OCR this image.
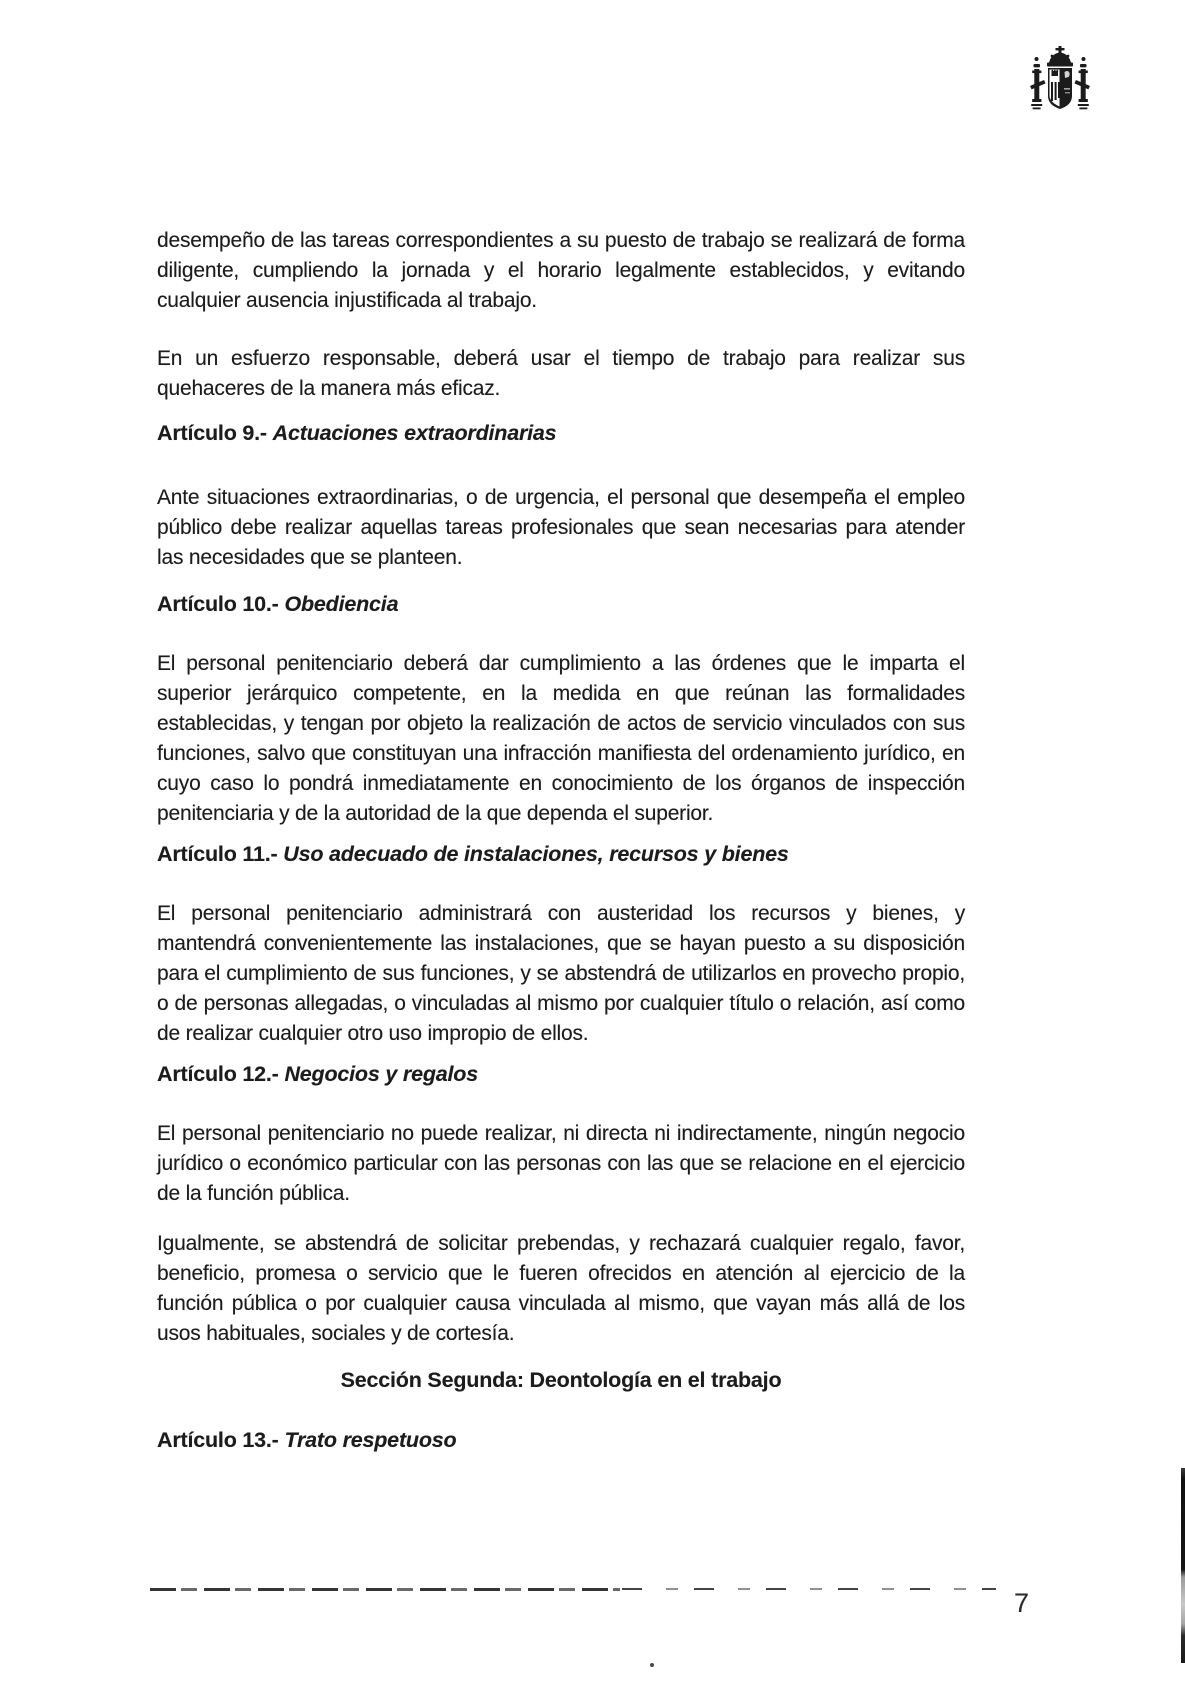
desempeño de las tareas correspondientes a su puesto de trabajo se realizará de forma diligente, cumpliendo la jornada y el horario legalmente establecidos, y evitando cualquier ausencia injustificada al trabajo.

En un esfuerzo responsable, deberá usar el tiempo de trabajo para realizar sus quehaceres de la manera más eficaz.

Artículo 9.- Actuaciones extraordinarias

Ante situaciones extraordinarias, o de urgencia, el personal que desempeña el empleo público debe realizar aquellas tareas profesionales que sean necesarias para atender las necesidades que se planteen.

Artículo 10.- Obediencia

El personal penitenciario deberá dar cumplimiento a las órdenes que le imparta el superior jerárquico competente, en la medida en que reúnan las formalidades establecidas, y tengan por objeto la realización de actos de servicio vinculados con sus funciones, salvo que constituyan una infracción manifiesta del ordenamiento jurídico, en cuyo caso lo pondrá inmediatamente en conocimiento de los órganos de inspección penitenciaria y de la autoridad de la que dependa el superior.

Artículo 11.- Uso adecuado de instalaciones, recursos y bienes

El personal penitenciario administrará con austeridad los recursos y bienes, y mantendrá convenientemente las instalaciones, que se hayan puesto a su disposición para el cumplimiento de sus funciones, y se abstendrá de utilizarlos en provecho propio, o de personas allegadas, o vinculadas al mismo por cualquier título o relación, así como de realizar cualquier otro uso impropio de ellos.

Artículo 12.- Negocios y regalos

El personal penitenciario no puede realizar, ni directa ni indirectamente, ningún negocio jurídico o económico particular con las personas con las que se relacione en el ejercicio de la función pública.

Igualmente, se abstendrá de solicitar prebendas, y rechazará cualquier regalo, favor, beneficio, promesa o servicio que le fueren ofrecidos en atención al ejercicio de la función pública o por cualquier causa vinculada al mismo, que vayan más allá de los usos habituales, sociales y de cortesía.

Sección Segunda: Deontología en el trabajo
Artículo 13.- Trato respetuoso
7
